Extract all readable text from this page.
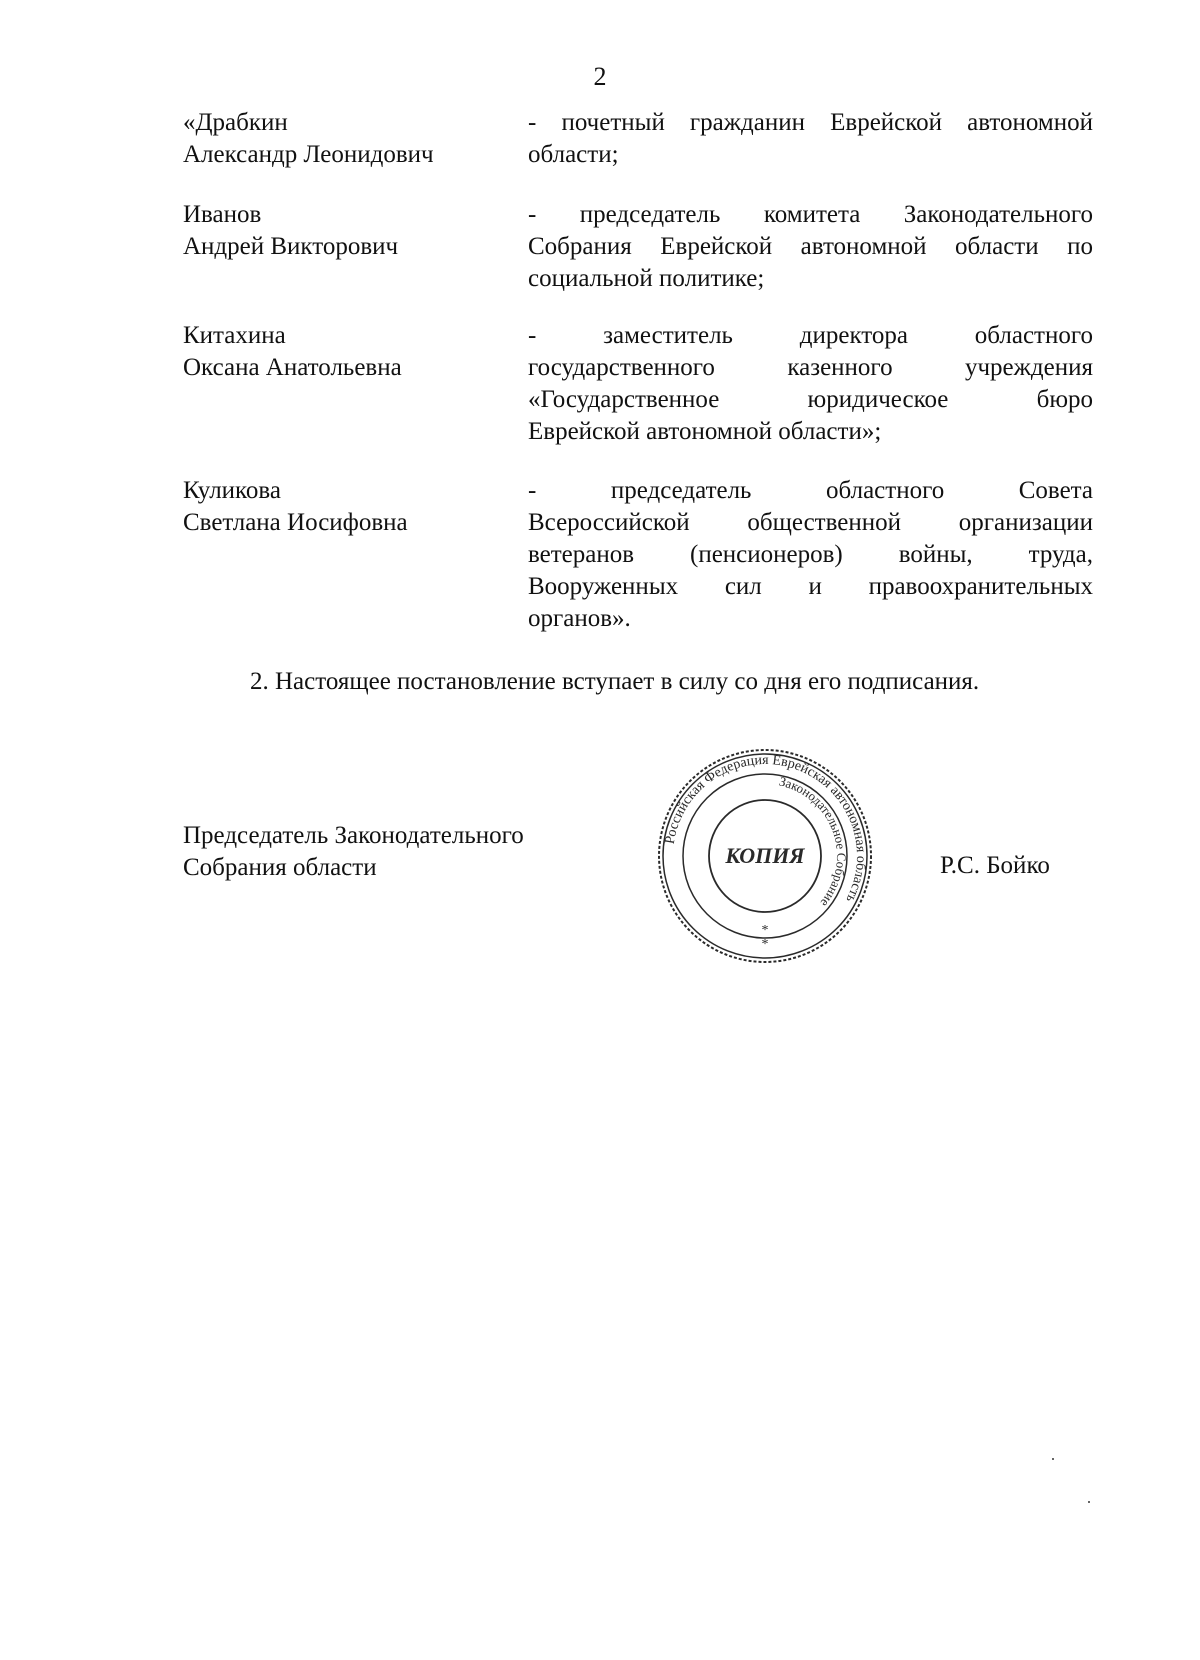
2
«Драбкин
Александр Леонидович
- почетный гражданин Еврейской автономной
области;
Иванов
Андрей Викторович
- председатель комитета Законодательного
Собрания Еврейской автономной области по
социальной политике;
Китахина
Оксана Анатольевна
- заместитель директора областного
государственного казенного учреждения
«Государственное юридическое бюро
Еврейской автономной области»;
Куликова
Светлана Иосифовна
- председатель областного Совета
Всероссийской общественной организации
ветеранов (пенсионеров) войны, труда,
Вооруженных сил и правоохранительных
органов».
2. Настоящее постановление вступает в силу со дня его подписания.
Председатель Законодательного
Собрания области
Российская Федерация Еврейская автономная область
Законодательное Собрание
КОПИЯ
*
*
Р.С. Бойко
